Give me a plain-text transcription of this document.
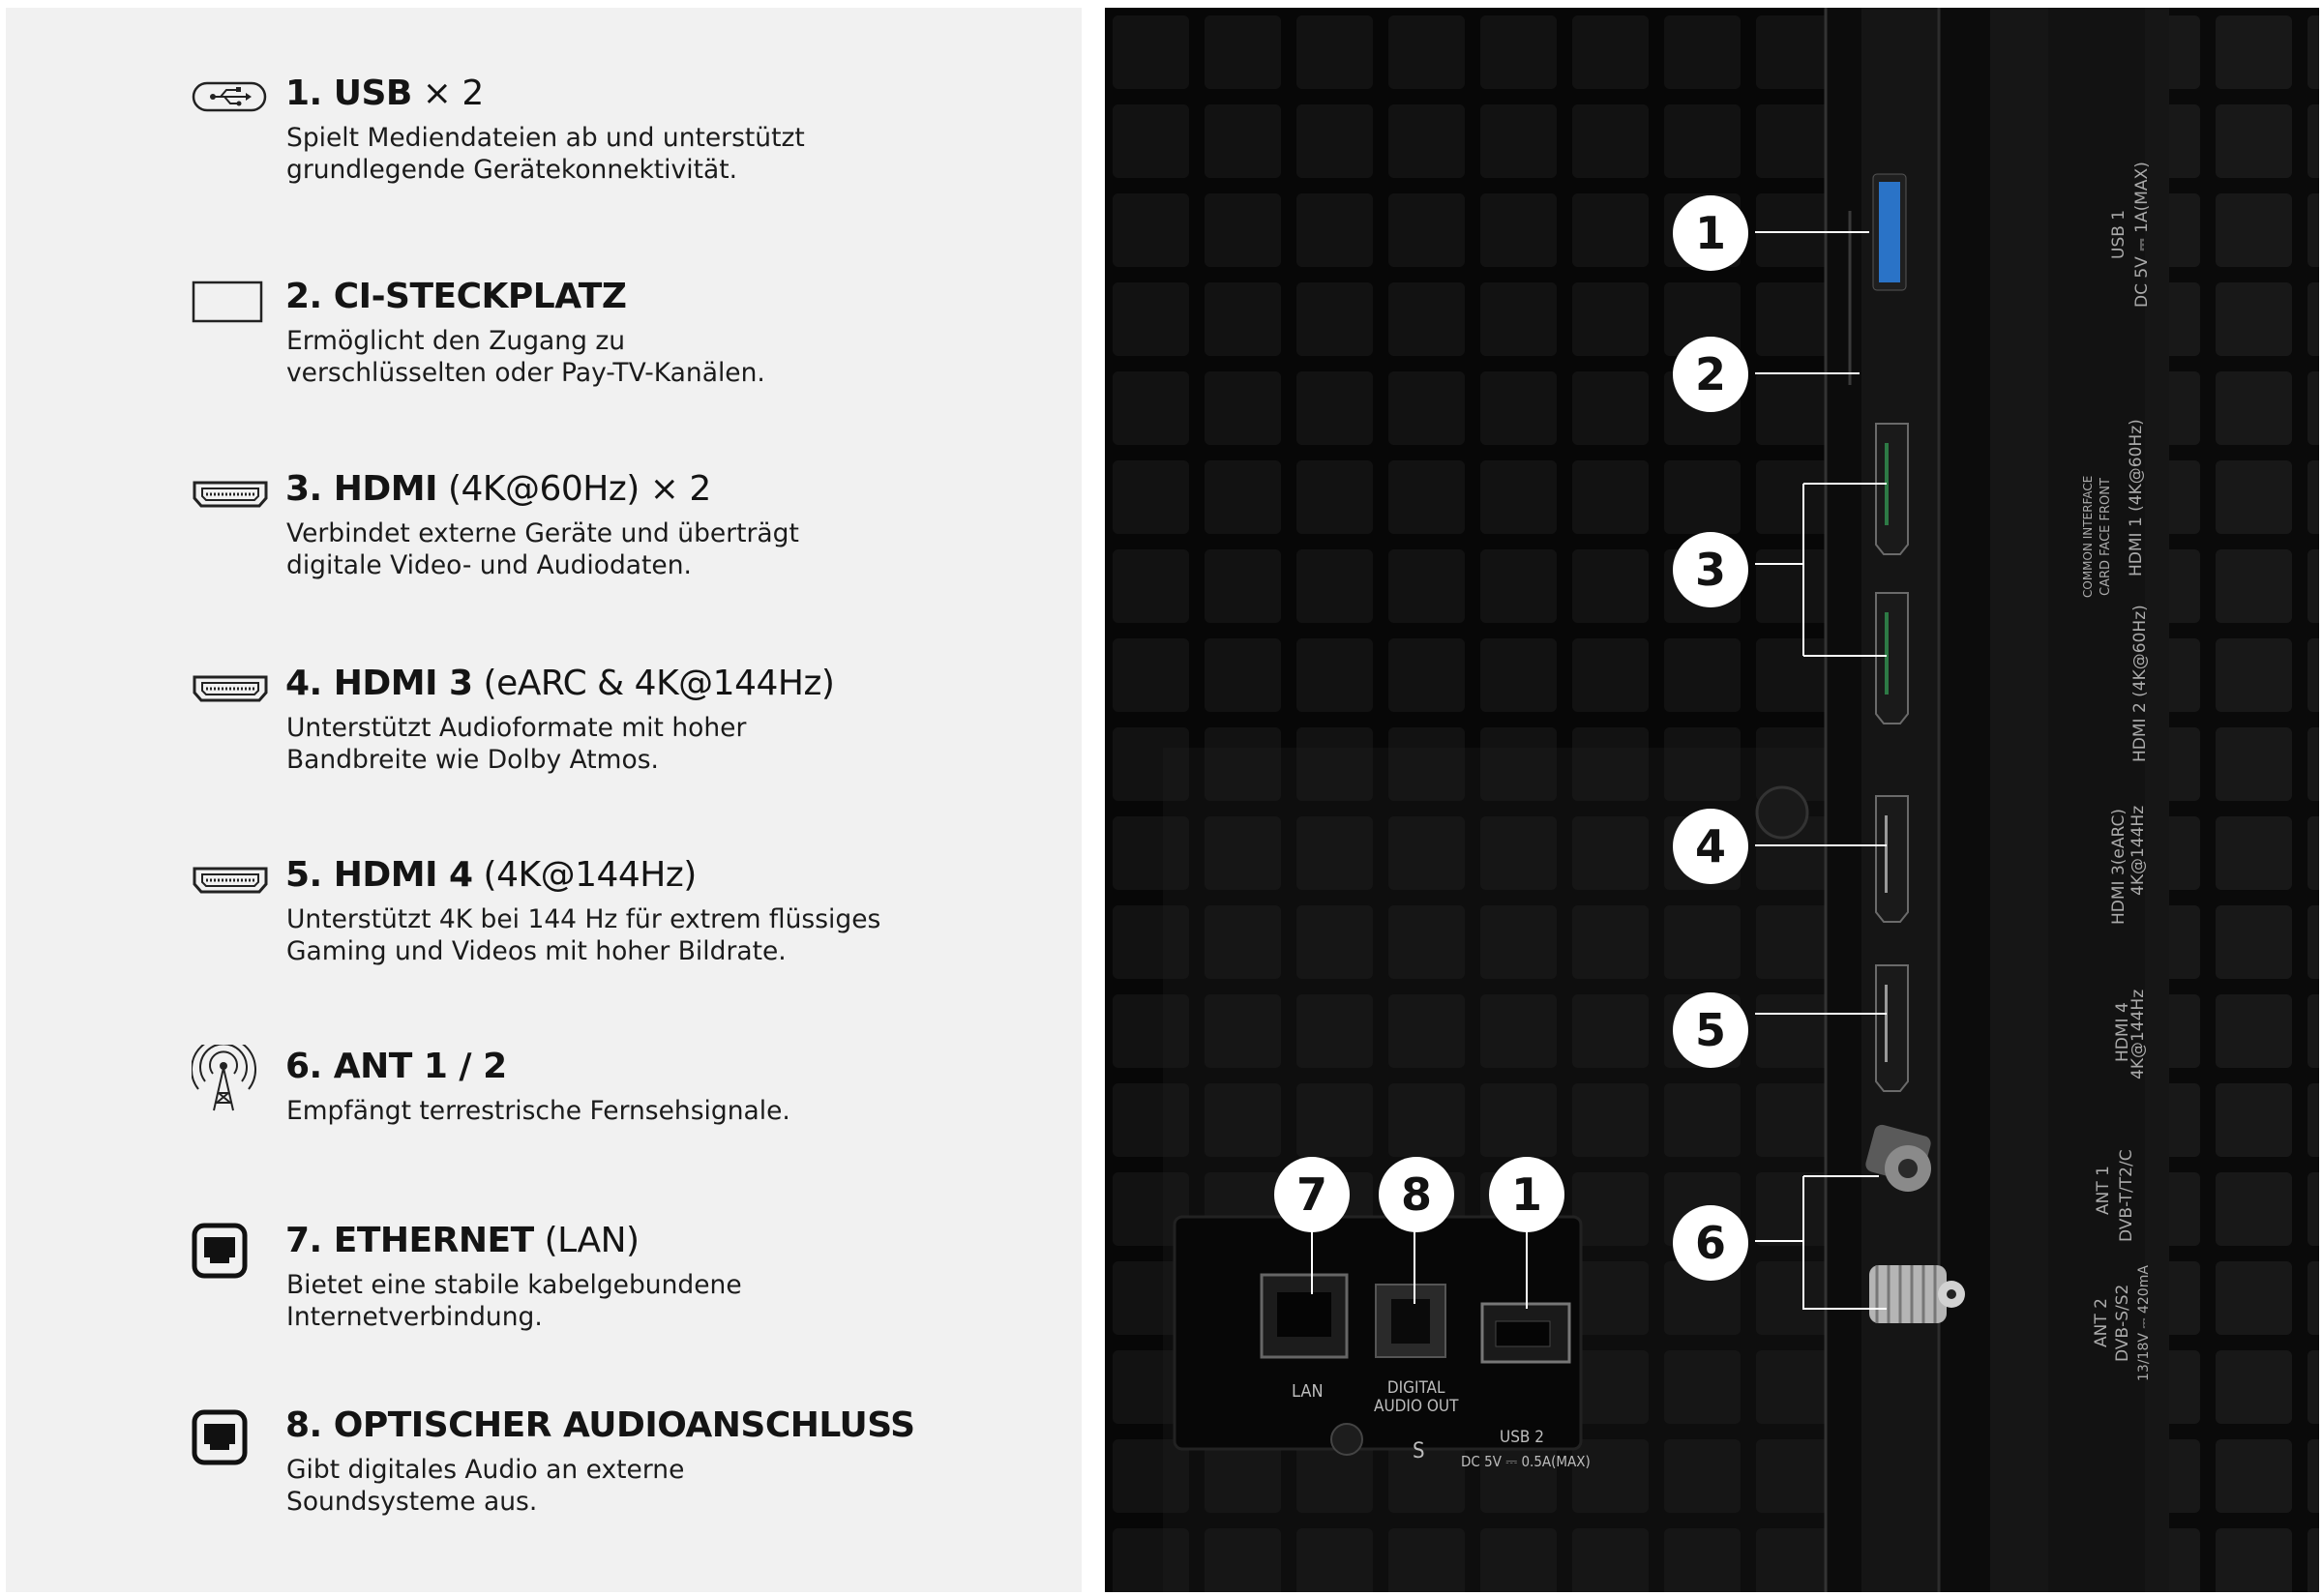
1. USB × 2
Spielt Mediendateien ab und unterstützt
grundlegende Gerätekonnektivität.
2. CI-STECKPLATZ
Ermöglicht den Zugang zu
verschlüsselten oder Pay-TV-Kanälen.
3. HDMI (4K@60Hz) × 2
Verbindet externe Geräte und überträgt
digitale Video- und Audiodaten.
4. HDMI 3 (eARC & 4K@144Hz)
Unterstützt Audioformate mit hoher
Bandbreite wie Dolby Atmos.
5. HDMI 4 (4K@144Hz)
Unterstützt 4K bei 144 Hz für extrem flüssiges
Gaming und Videos mit hoher Bildrate.
6. ANT 1 / 2
Empfängt terrestrische Fernsehsignale.
7. ETHERNET (LAN)
Bietet eine stabile kabelgebundene
Internetverbindung.
8. OPTISCHER AUDIOANSCHLUSS
Gibt digitales Audio an externe
Soundsysteme aus.
1
2
3
4
5
6
7	8	1
LAN	DIGITAL
AUDIO OUT
USB 2
DC 5V ⎓ 0.5A(MAX)
S
USB 1 DC 5V ⎓ 1A(MAX)
COMMON INTERFACE CARD FACE FRONT HDMI 1 (4K@60Hz)
HDMI 2 (4K@60Hz)
HDMI 3(eARC) 4K@144Hz
HDMI 4
4K@144Hz
ANT 1 DVB-T/T2/C
ANT 2 DVB-S/S2 13/18V ⎓ 420mA
